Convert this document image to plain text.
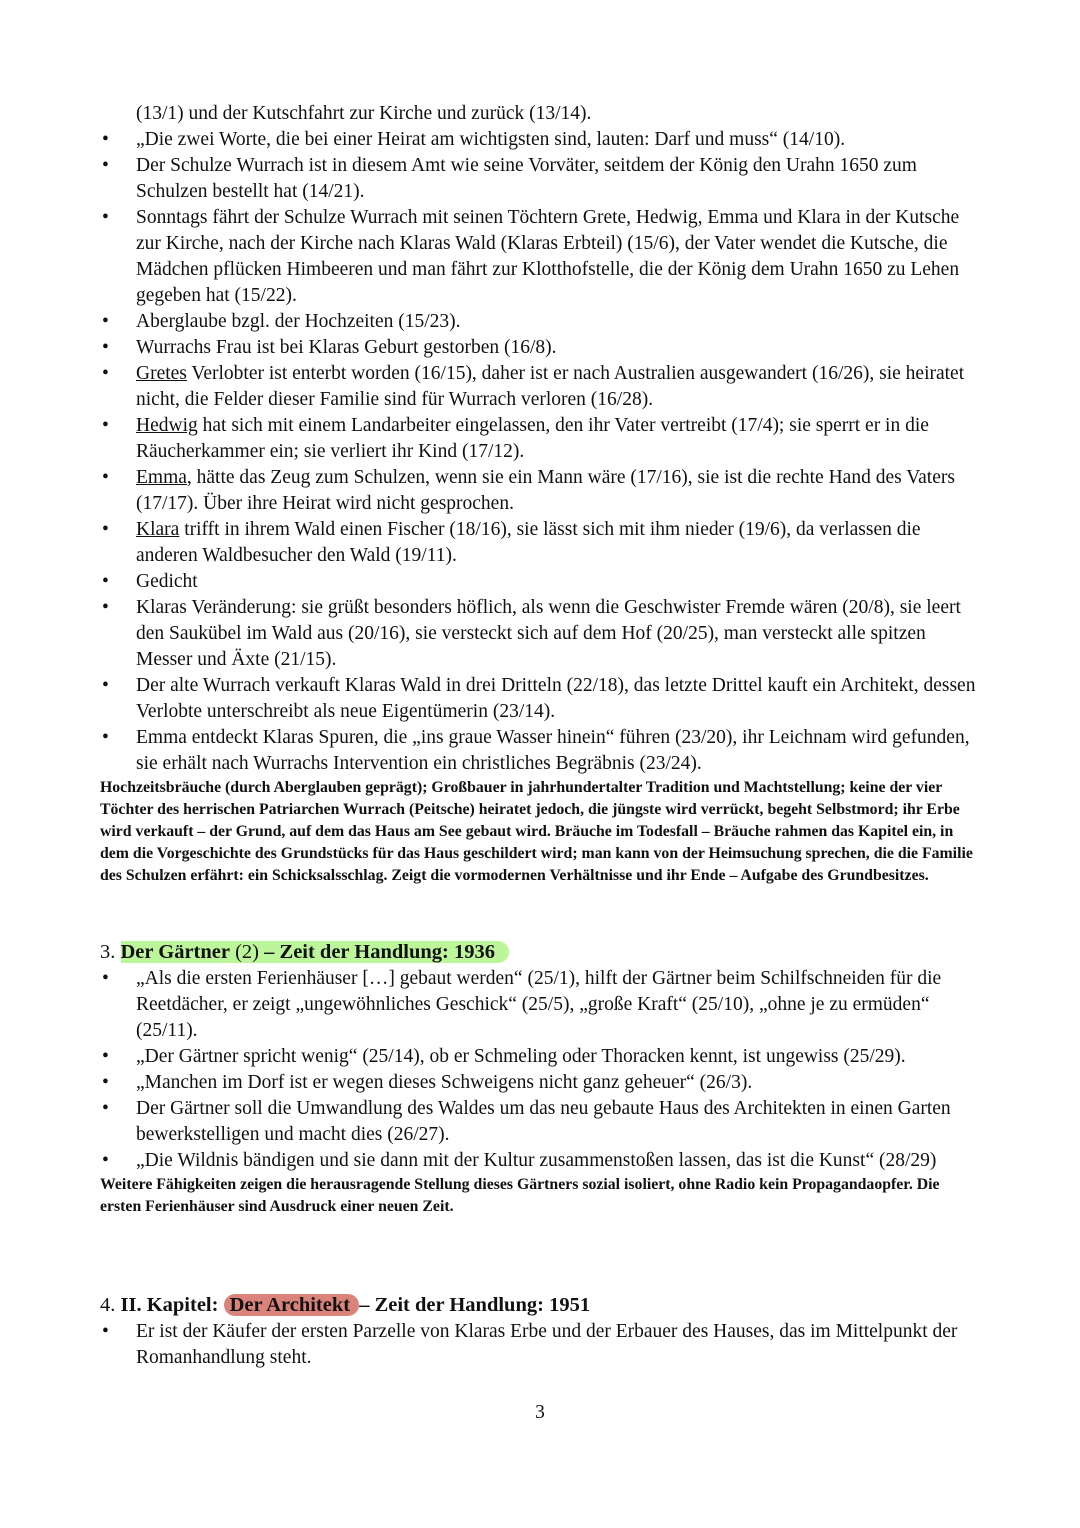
(13/1) und der Kutschfahrt zur Kirche und zurück (13/14).
• „Die zwei Worte, die bei einer Heirat am wichtigsten sind, lauten: Darf und muss“ (14/10).
• Der Schulze Wurrach ist in diesem Amt wie seine Vorväter, seitdem der König den Urahn 1650 zum Schulzen bestellt hat (14/21).
• Sonntags fährt der Schulze Wurrach mit seinen Töchtern Grete, Hedwig, Emma und Klara in der Kutsche zur Kirche, nach der Kirche nach Klaras Wald (Klaras Erbteil) (15/6), der Vater wendet die Kutsche, die Mädchen pflücken Himbeeren und man fährt zur Klotthofstelle, die der König dem Urahn 1650 zu Lehen gegeben hat (15/22).
• Aberglaube bzgl. der Hochzeiten (15/23).
• Wurrachs Frau ist bei Klaras Geburt gestorben (16/8).
• Gretes Verlobter ist enterbt worden (16/15), daher ist er nach Australien ausgewandert (16/26), sie heiratet nicht, die Felder dieser Familie sind für Wurrach verloren (16/28).
• Hedwig hat sich mit einem Landarbeiter eingelassen, den ihr Vater vertreibt (17/4); sie sperrt er in die Räucherkammer ein; sie verliert ihr Kind (17/12).
• Emma, hätte das Zeug zum Schulzen, wenn sie ein Mann wäre (17/16), sie ist die rechte Hand des Vaters (17/17). Über ihre Heirat wird nicht gesprochen.
• Klara trifft in ihrem Wald einen Fischer (18/16), sie lässt sich mit ihm nieder (19/6), da verlassen die anderen Waldbesucher den Wald (19/11).
• Gedicht
• Klaras Veränderung: sie grüßt besonders höflich, als wenn die Geschwister Fremde wären (20/8), sie leert den Saukübel im Wald aus (20/16), sie versteckt sich auf dem Hof (20/25), man versteckt alle spitzen Messer und Äxte (21/15).
• Der alte Wurrach verkauft Klaras Wald in drei Dritteln (22/18), das letzte Drittel kauft ein Architekt, dessen Verlobte unterschreibt als neue Eigentümerin (23/14).
• Emma entdeckt Klaras Spuren, die „ins graue Wasser hinein“ führen (23/20), ihr Leichnam wird gefunden, sie erhält nach Wurrachs Intervention ein christliches Begräbnis (23/24).

Hochzeitsbräuche (durch Aberglauben geprägt); Großbauer in jahrhundertalter Tradition und Machtstellung; keine der vier Töchter des herrischen Patriarchen Wurrach (Peitsche) heiratet jedoch, die jüngste wird verrückt, begeht Selbstmord; ihr Erbe wird verkauft – der Grund, auf dem das Haus am See gebaut wird. Bräuche im Todesfall – Bräuche rahmen das Kapitel ein, in dem die Vorgeschichte des Grundstücks für das Haus geschildert wird; man kann von der Heimsuchung sprechen, die die Familie des Schulzen erfährt: ein Schicksalsschlag. Zeigt die vormodernen Verhältnisse und ihr Ende – Aufgabe des Grundbesitzes.

3. Der Gärtner (2) – Zeit der Handlung: 1936
• „Als die ersten Ferienhäuser […] gebaut werden“ (25/1), hilft der Gärtner beim Schilfschneiden für die Reetdächer, er zeigt „ungewöhnliches Geschick“ (25/5), „große Kraft“ (25/10), „ohne je zu ermüden“ (25/11).
• „Der Gärtner spricht wenig“ (25/14), ob er Schmeling oder Thoracken kennt, ist ungewiss (25/29).
• „Manchen im Dorf ist er wegen dieses Schweigens nicht ganz geheuer“ (26/3).
• Der Gärtner soll die Umwandlung des Waldes um das neu gebaute Haus des Architekten in einen Garten bewerkstelligen und macht dies (26/27).
• „Die Wildnis bändigen und sie dann mit der Kultur zusammenstoßen lassen, das ist die Kunst“ (28/29)

Weitere Fähigkeiten zeigen die herausragende Stellung dieses Gärtners sozial isoliert, ohne Radio kein Propagandaopfer. Die ersten Ferienhäuser sind Ausdruck einer neuen Zeit.

4. II. Kapitel: Der Architekt – Zeit der Handlung: 1951
• Er ist der Käufer der ersten Parzelle von Klaras Erbe und der Erbauer des Hauses, das im Mittelpunkt der Romanhandlung steht.
3
